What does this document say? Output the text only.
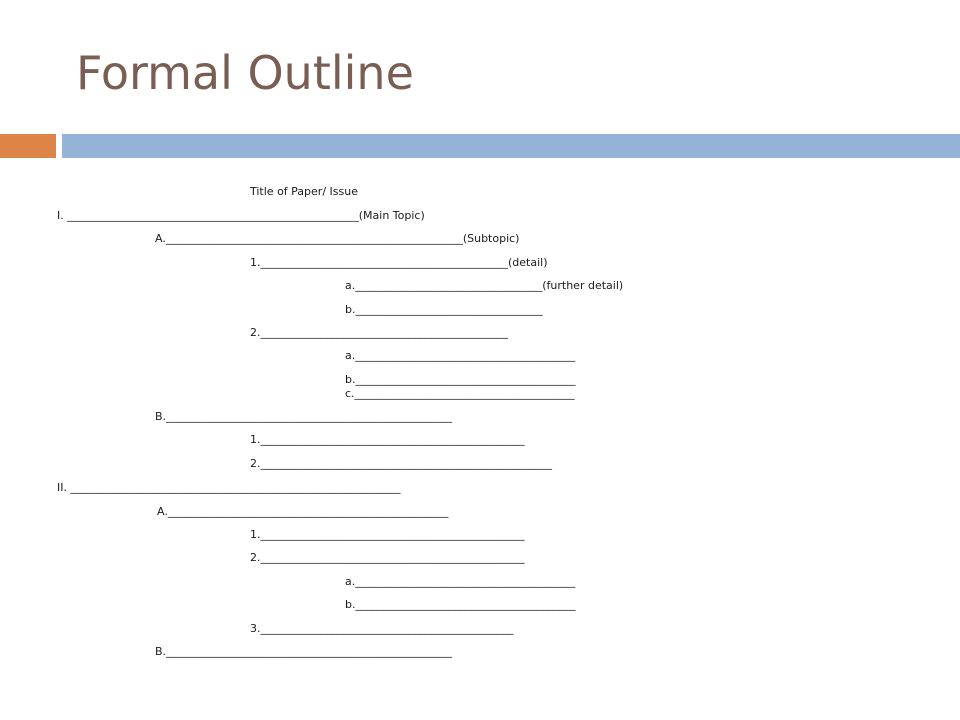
Formal Outline

Title of Paper/ Issue

I. _____________________________________________________(Main Topic)

A.______________________________________________________(Subtopic)

1._____________________________________________(detail)

a.__________________________________(further detail)

b.__________________________________

2._____________________________________________

a.________________________________________

b.________________________________________

c.________________________________________

B.____________________________________________________

1.________________________________________________

2._____________________________________________________

II. ____________________________________________________________

A.___________________________________________________

1.________________________________________________

2.________________________________________________

a.________________________________________

b.________________________________________

3.______________________________________________

B.____________________________________________________
